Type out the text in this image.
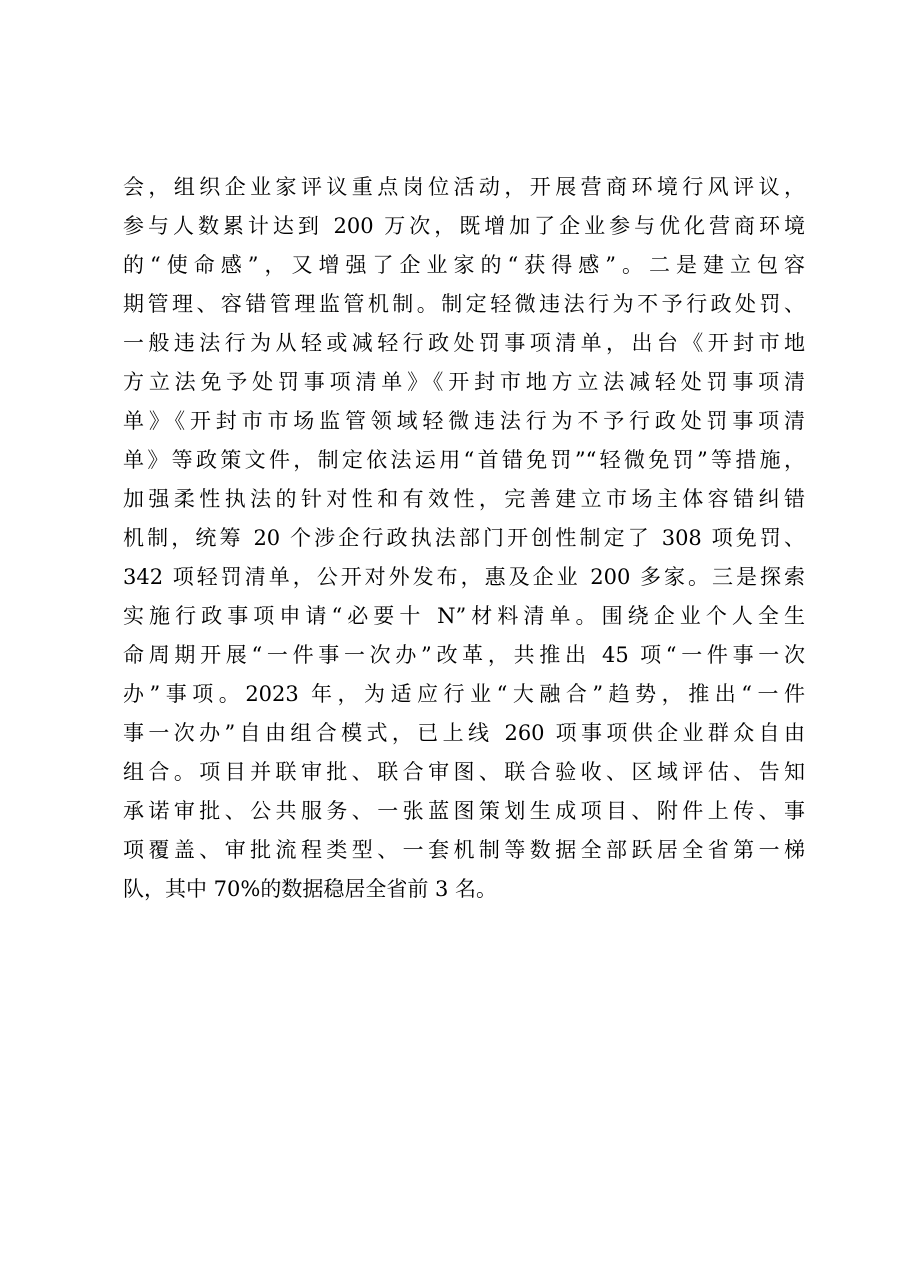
会，组织企业家评议重点岗位活动，开展营商环境行风评议，
参与人数累计达到 200 万次，既增加了企业参与优化营商环境
的“使命感”，又增强了企业家的“获得感”。二是建立包容
期管理、容错管理监管机制。制定轻微违法行为不予行政处罚、
一般违法行为从轻或减轻行政处罚事项清单，出台《开封市地
方立法免予处罚事项清单》《开封市地方立法减轻处罚事项清
单》《开封市市场监管领域轻微违法行为不予行政处罚事项清
单》等政策文件，制定依法运用“首错免罚”“轻微免罚”等措施，
加强柔性执法的针对性和有效性，完善建立市场主体容错纠错
机制，统筹 20 个涉企行政执法部门开创性制定了 308 项免罚、
342 项轻罚清单，公开对外发布，惠及企业 200 多家。三是探索
实施行政事项申请“必要十 N”材料清单。围绕企业个人全生
命周期开展“一件事一次办”改革，共推出 45 项“一件事一次
办”事项。2023 年，为适应行业“大融合”趋势，推出“一件
事一次办”自由组合模式，已上线 260 项事项供企业群众自由
组合。项目并联审批、联合审图、联合验收、区域评估、告知
承诺审批、公共服务、一张蓝图策划生成项目、附件上传、事
项覆盖、审批流程类型、一套机制等数据全部跃居全省第一梯
队，其中 70%的数据稳居全省前 3 名。
